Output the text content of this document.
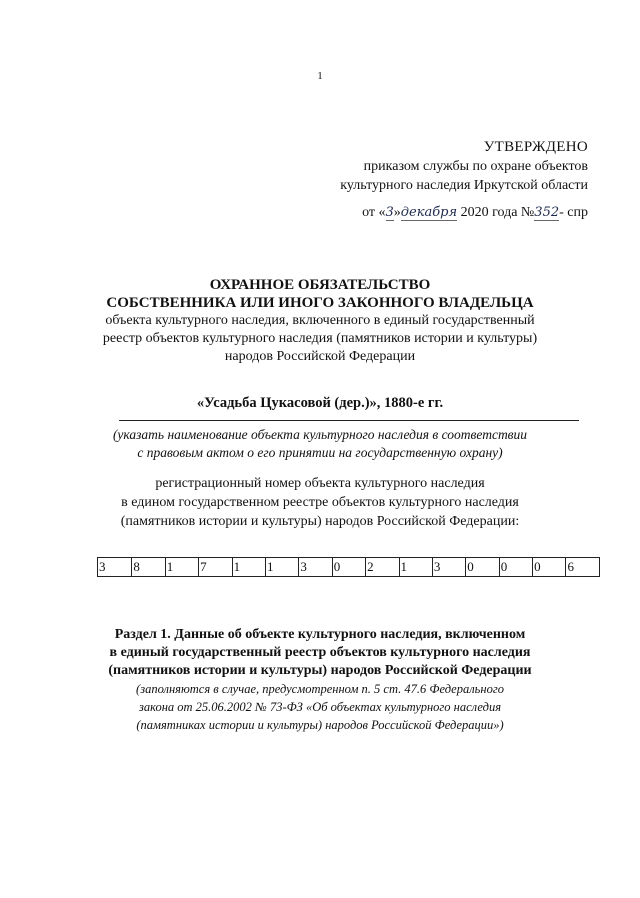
1
УТВЕРЖДЕНО
приказом службы по охране объектов
культурного наследия Иркутской области
от «3»декабря 2020 года №352- спр
ОХРАННОЕ ОБЯЗАТЕЛЬСТВО
СОБСТВЕННИКА ИЛИ ИНОГО ЗАКОННОГО ВЛАДЕЛЬЦА
объекта культурного наследия, включенного в единый государственный
реестр объектов культурного наследия (памятников истории и культуры)
народов Российской Федерации
«Усадьба Цукасовой (дер.)», 1880-е гг.
(указать наименование объекта культурного наследия в соответствии
с правовым актом о его принятии на государственную охрану)
регистрационный номер объекта культурного наследия
в едином государственном реестре объектов культурного наследия
(памятников истории и культуры) народов Российской Федерации:
3	8	1	7	1	1	3	0	2	1	3	0	0	0	6
Раздел 1. Данные об объекте культурного наследия, включенном
в единый государственный реестр объектов культурного наследия
(памятников истории и культуры) народов Российской Федерации
(заполняются в случае, предусмотренном п. 5 ст. 47.6 Федерального
закона от 25.06.2002 № 73-ФЗ «Об объектах культурного наследия
(памятниках истории и культуры) народов Российской Федерации»)
